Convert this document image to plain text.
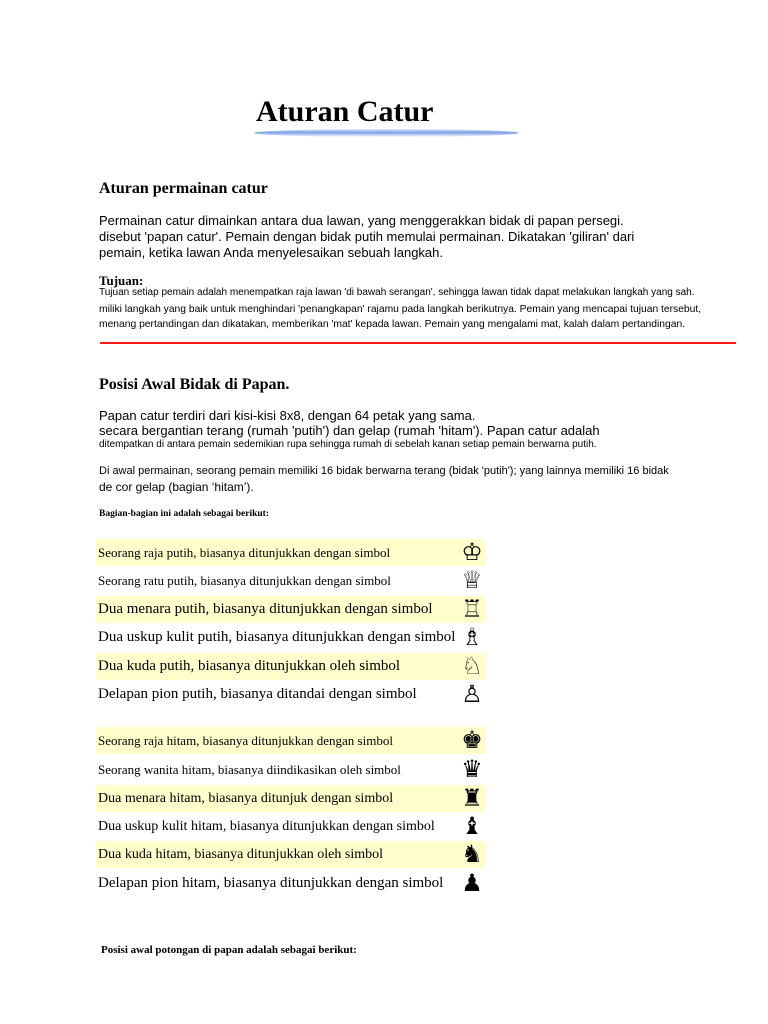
Aturan Catur
Aturan permainan catur
Permainan catur dimainkan antara dua lawan, yang menggerakkan bidak di papan persegi.
disebut 'papan catur'. Pemain dengan bidak putih memulai permainan. Dikatakan 'giliran' dari
pemain, ketika lawan Anda menyelesaikan sebuah langkah.
Tujuan:
Tujuan setiap pemain adalah menempatkan raja lawan 'di bawah serangan', sehingga lawan tidak dapat melakukan langkah yang sah.
miliki langkah yang baik untuk menghindari 'penangkapan' rajamu pada langkah berikutnya. Pemain yang mencapai tujuan tersebut,
menang pertandingan dan dikatakan, memberikan 'mat' kepada lawan. Pemain yang mengalami mat, kalah dalam pertandingan.
Posisi Awal Bidak di Papan.
Papan catur terdiri dari kisi-kisi 8x8, dengan 64 petak yang sama.
secara bergantian terang (rumah 'putih') dan gelap (rumah 'hitam'). Papan catur adalah
ditempatkan di antara pemain sedemikian rupa sehingga rumah di sebelah kanan setiap pemain berwarna putih.
Di awal permainan, seorang pemain memiliki 16 bidak berwarna terang (bidak 'putih'); yang lainnya memiliki 16 bidak
de cor gelap (bagian ‘hitam’).
Bagian-bagian ini adalah sebagai berikut:
Seorang raja putih, biasanya ditunjukkan dengan simbol	♔
Seorang ratu putih, biasanya ditunjukkan dengan simbol	♕
Dua menara putih, biasanya ditunjukkan dengan simbol ♖
Dua uskup kulit putih, biasanya ditunjukkan dengan simbol ♗
Dua kuda putih, biasanya ditunjukkan oleh simbol	♘
Delapan pion putih, biasanya ditandai dengan simbol ♙
Seorang raja hitam, biasanya ditunjukkan dengan simbol	♚
Seorang wanita hitam, biasanya diindikasikan oleh simbol	♛
Dua menara hitam, biasanya ditunjuk dengan simbol	♜
Dua uskup kulit hitam, biasanya ditunjukkan dengan simbol ♝
Dua kuda hitam, biasanya ditunjukkan oleh simbol	♞
Delapan pion hitam, biasanya ditunjukkan dengan simbol ♟
Posisi awal potongan di papan adalah sebagai berikut:
